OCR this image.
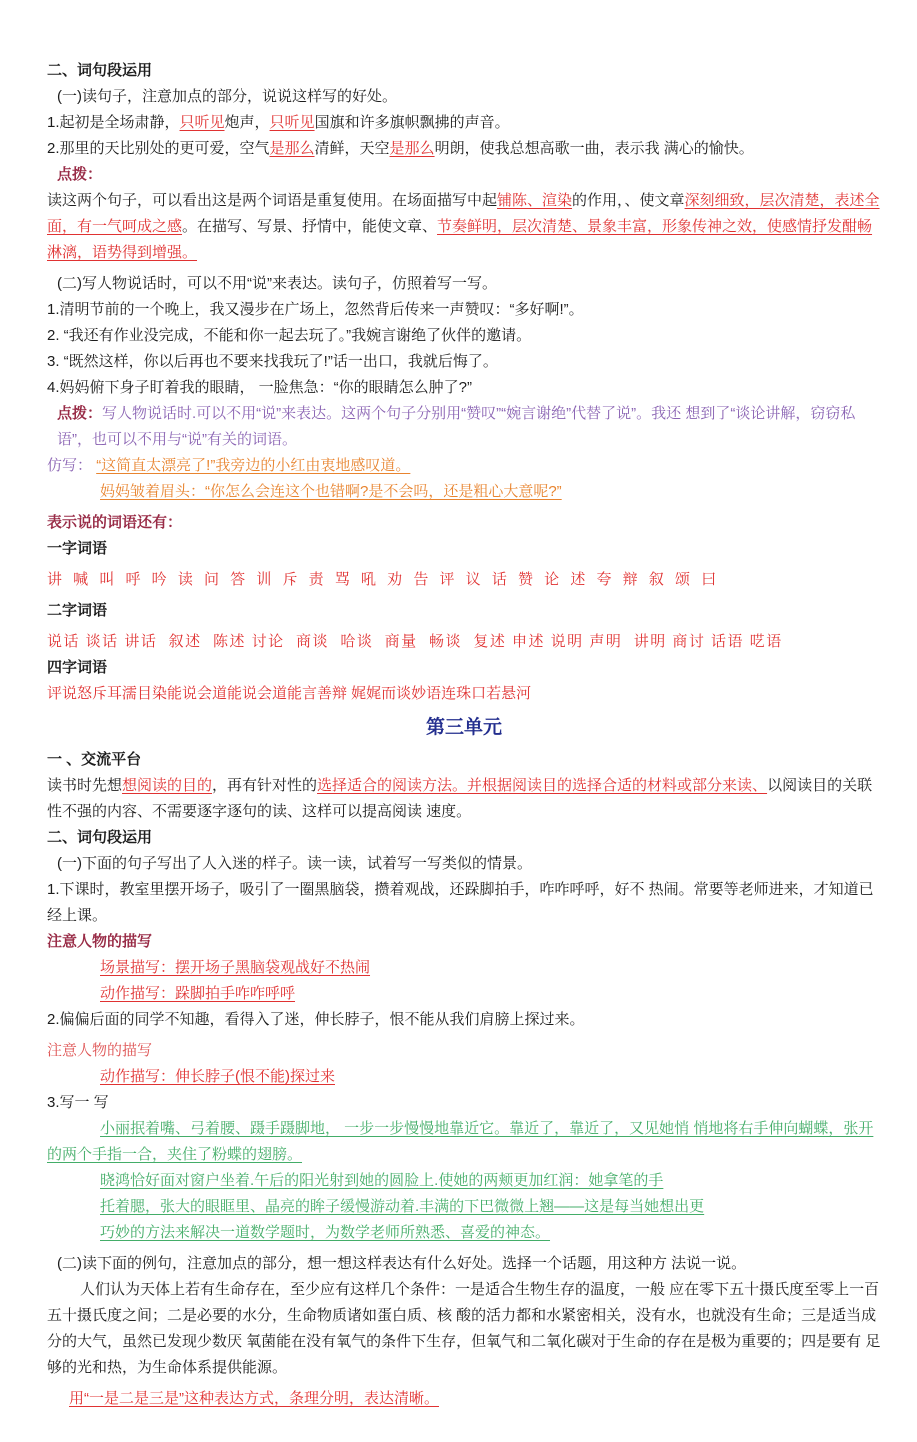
二、词句段运用
(一)读句子，注意加点的部分，说说这样写的好处。
1.起初是全场肃静，只听见炮声，只听见国旗和许多旗帜飘拂的声音。
2.那里的天比别处的更可爱，空气是那么清鲜，天空是那么明朗，使我总想高歌一曲，表示我 满心的愉快。
点拨：
读这两个句子，可以看出这是两个词语是重复使用。在场面描写中起铺陈、渲染的作用，、使文章深刻细致，层次清楚，表述全面，有一气呵成之感。在描写、写景、抒情中，能使文章、节奏鲜明，层次清楚、景象丰富，形象传神之效，使感情抒发酣畅淋漓，语势得到增强。
(二)写人物说话时，可以不用“说”来表达。读句子，仿照着写一写。
1.清明节前的一个晚上，我又漫步在广场上，忽然背后传来一声赞叹：“多好啊!”。
2. “我还有作业没完成，不能和你一起去玩了。”我婉言谢绝了伙伴的邀请。
3. “既然这样，你以后再也不要来找我玩了!”话一出口，我就后悔了。
4.妈妈俯下身子盯着我的眼睛， 一脸焦急：“你的眼睛怎么肿了?”
点拨：写人物说话时.可以不用“说”来表达。这两个句子分别用“赞叹”“婉言谢绝”代替了说”。我还 想到了“谈论讲解，窃窃私语”，也可以不用与“说”有关的词语。
仿写： “这简直太漂亮了!”我旁边的小红由衷地感叹道。
妈妈皱着眉头：“你怎么会连这个也错啊?是不会吗，还是粗心大意呢?”
表示说的词语还有：
一字词语
讲 喊 叫 呼 吟 读 问 答 训 斥 责 骂 吼 劝 告 评 议 话 赞 论 述 夸 辩 叙 颂 曰
二字词语
说话 谈话 讲话  叙述  陈述 讨论  商谈  哈谈  商量  畅谈  复述 申述 说明 声明  讲明 商讨 话语 呓语
四字词语
评说怒斥耳濡目染能说会道能说会道能言善辩 娓娓而谈妙语连珠口若悬河
第三单元
一 、交流平台
读书时先想想阅读的目的，再有针对性的选择适合的阅读方法。并根据阅读目的选择合适的材料或部分来读、以阅读目的关联性不强的内容、不需要逐字逐句的读、这样可以提高阅读 速度。
二、词句段运用
(一)下面的句子写出了人入迷的样子。读一读，试着写一写类似的情景。
1.下课时，教室里摆开场子，吸引了一圈黑脑袋，攒着观战，还跺脚拍手，咋咋呼呼，好不 热闹。常要等老师进来，才知道已经上课。
注意人物的描写
场景描写：摆开场子黑脑袋观战好不热闹
动作描写：跺脚拍手咋咋呼呼
2.偏偏后面的同学不知趣，看得入了迷，伸长脖子，恨不能从我们肩膀上探过来。
注意人物的描写
动作描写：伸长脖子(恨不能)探过来
3.写一 写
小丽抿着嘴、弓着腰、蹑手蹑脚地， 一步一步慢慢地靠近它。靠近了，靠近了，又见她悄 悄地将右手伸向蝴蝶，张开的两个手指一合，夹住了粉蝶的翅膀。
晓鸿恰好面对窗户坐着.午后的阳光射到她的圆脸上.使她的两颊更加红润：她拿笔的手
托着腮，张大的眼眶里、晶亮的眸子缓慢游动着.丰满的下巴微微上翘——这是每当她想出更
巧妙的方法来解决一道数学题时，为数学老师所熟悉、喜爱的神态。
(二)读下面的例句，注意加点的部分，想一想这样表达有什么好处。选择一个话题，用这种方 法说一说。
人们认为天体上若有生命存在，至少应有这样几个条件：一是适合生物生存的温度，一般 应在零下五十摄氏度至零上一百五十摄氏度之间；二是必要的水分，生命物质诸如蛋白质、核 酸的活力都和水紧密相关，没有水，也就没有生命；三是适当成分的大气，虽然已发现少数厌 氧菌能在没有氧气的条件下生存，但氧气和二氧化碳对于生命的存在是极为重要的；四是要有 足够的光和热，为生命体系提供能源。
用“一是二是三是”这种表达方式，条理分明，表达清晰。
